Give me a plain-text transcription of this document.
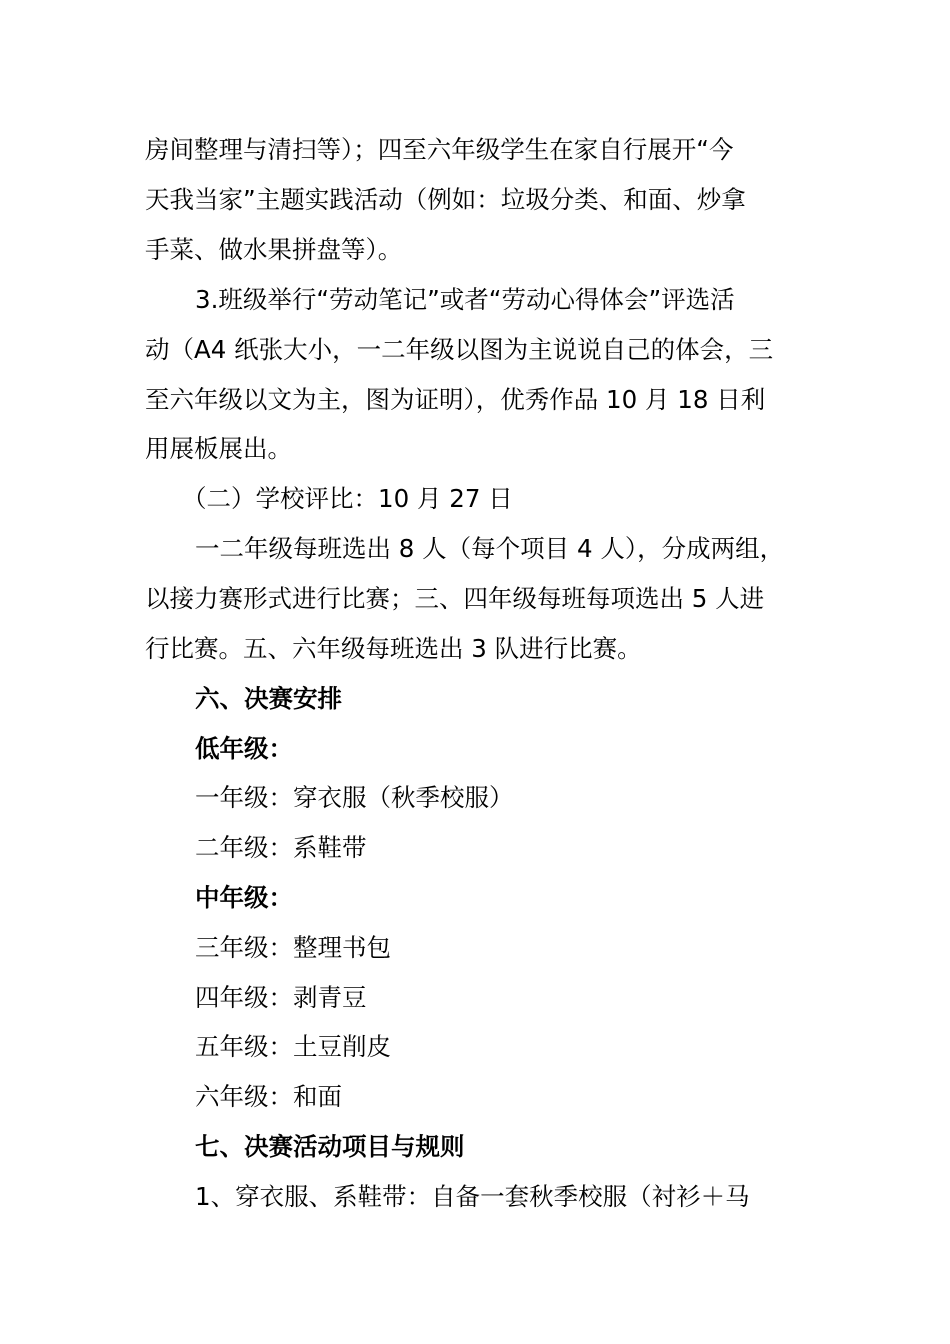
房间整理与清扫等）；四至六年级学生在家自行展开“今
天我当家”主题实践活动（例如：垃圾分类、和面、炒拿
手菜、做水果拼盘等）。
3.班级举行“劳动笔记”或者“劳动心得体会”评选活
动（A4 纸张大小，一二年级以图为主说说自己的体会，三
至六年级以文为主，图为证明），优秀作品 10 月 18 日利
用展板展出。
（二）学校评比：10 月 27 日
一二年级每班选出 8 人（每个项目 4 人），分成两组，
以接力赛形式进行比赛；三、四年级每班每项选出 5 人进
行比赛。五、六年级每班选出 3 队进行比赛。
六、决赛安排
低年级：
一年级：穿衣服（秋季校服）
二年级：系鞋带
中年级：
三年级：整理书包
四年级：剥青豆
五年级：土豆削皮
六年级：和面
七、决赛活动项目与规则
1、穿衣服、系鞋带：自备一套秋季校服（衬衫＋马
